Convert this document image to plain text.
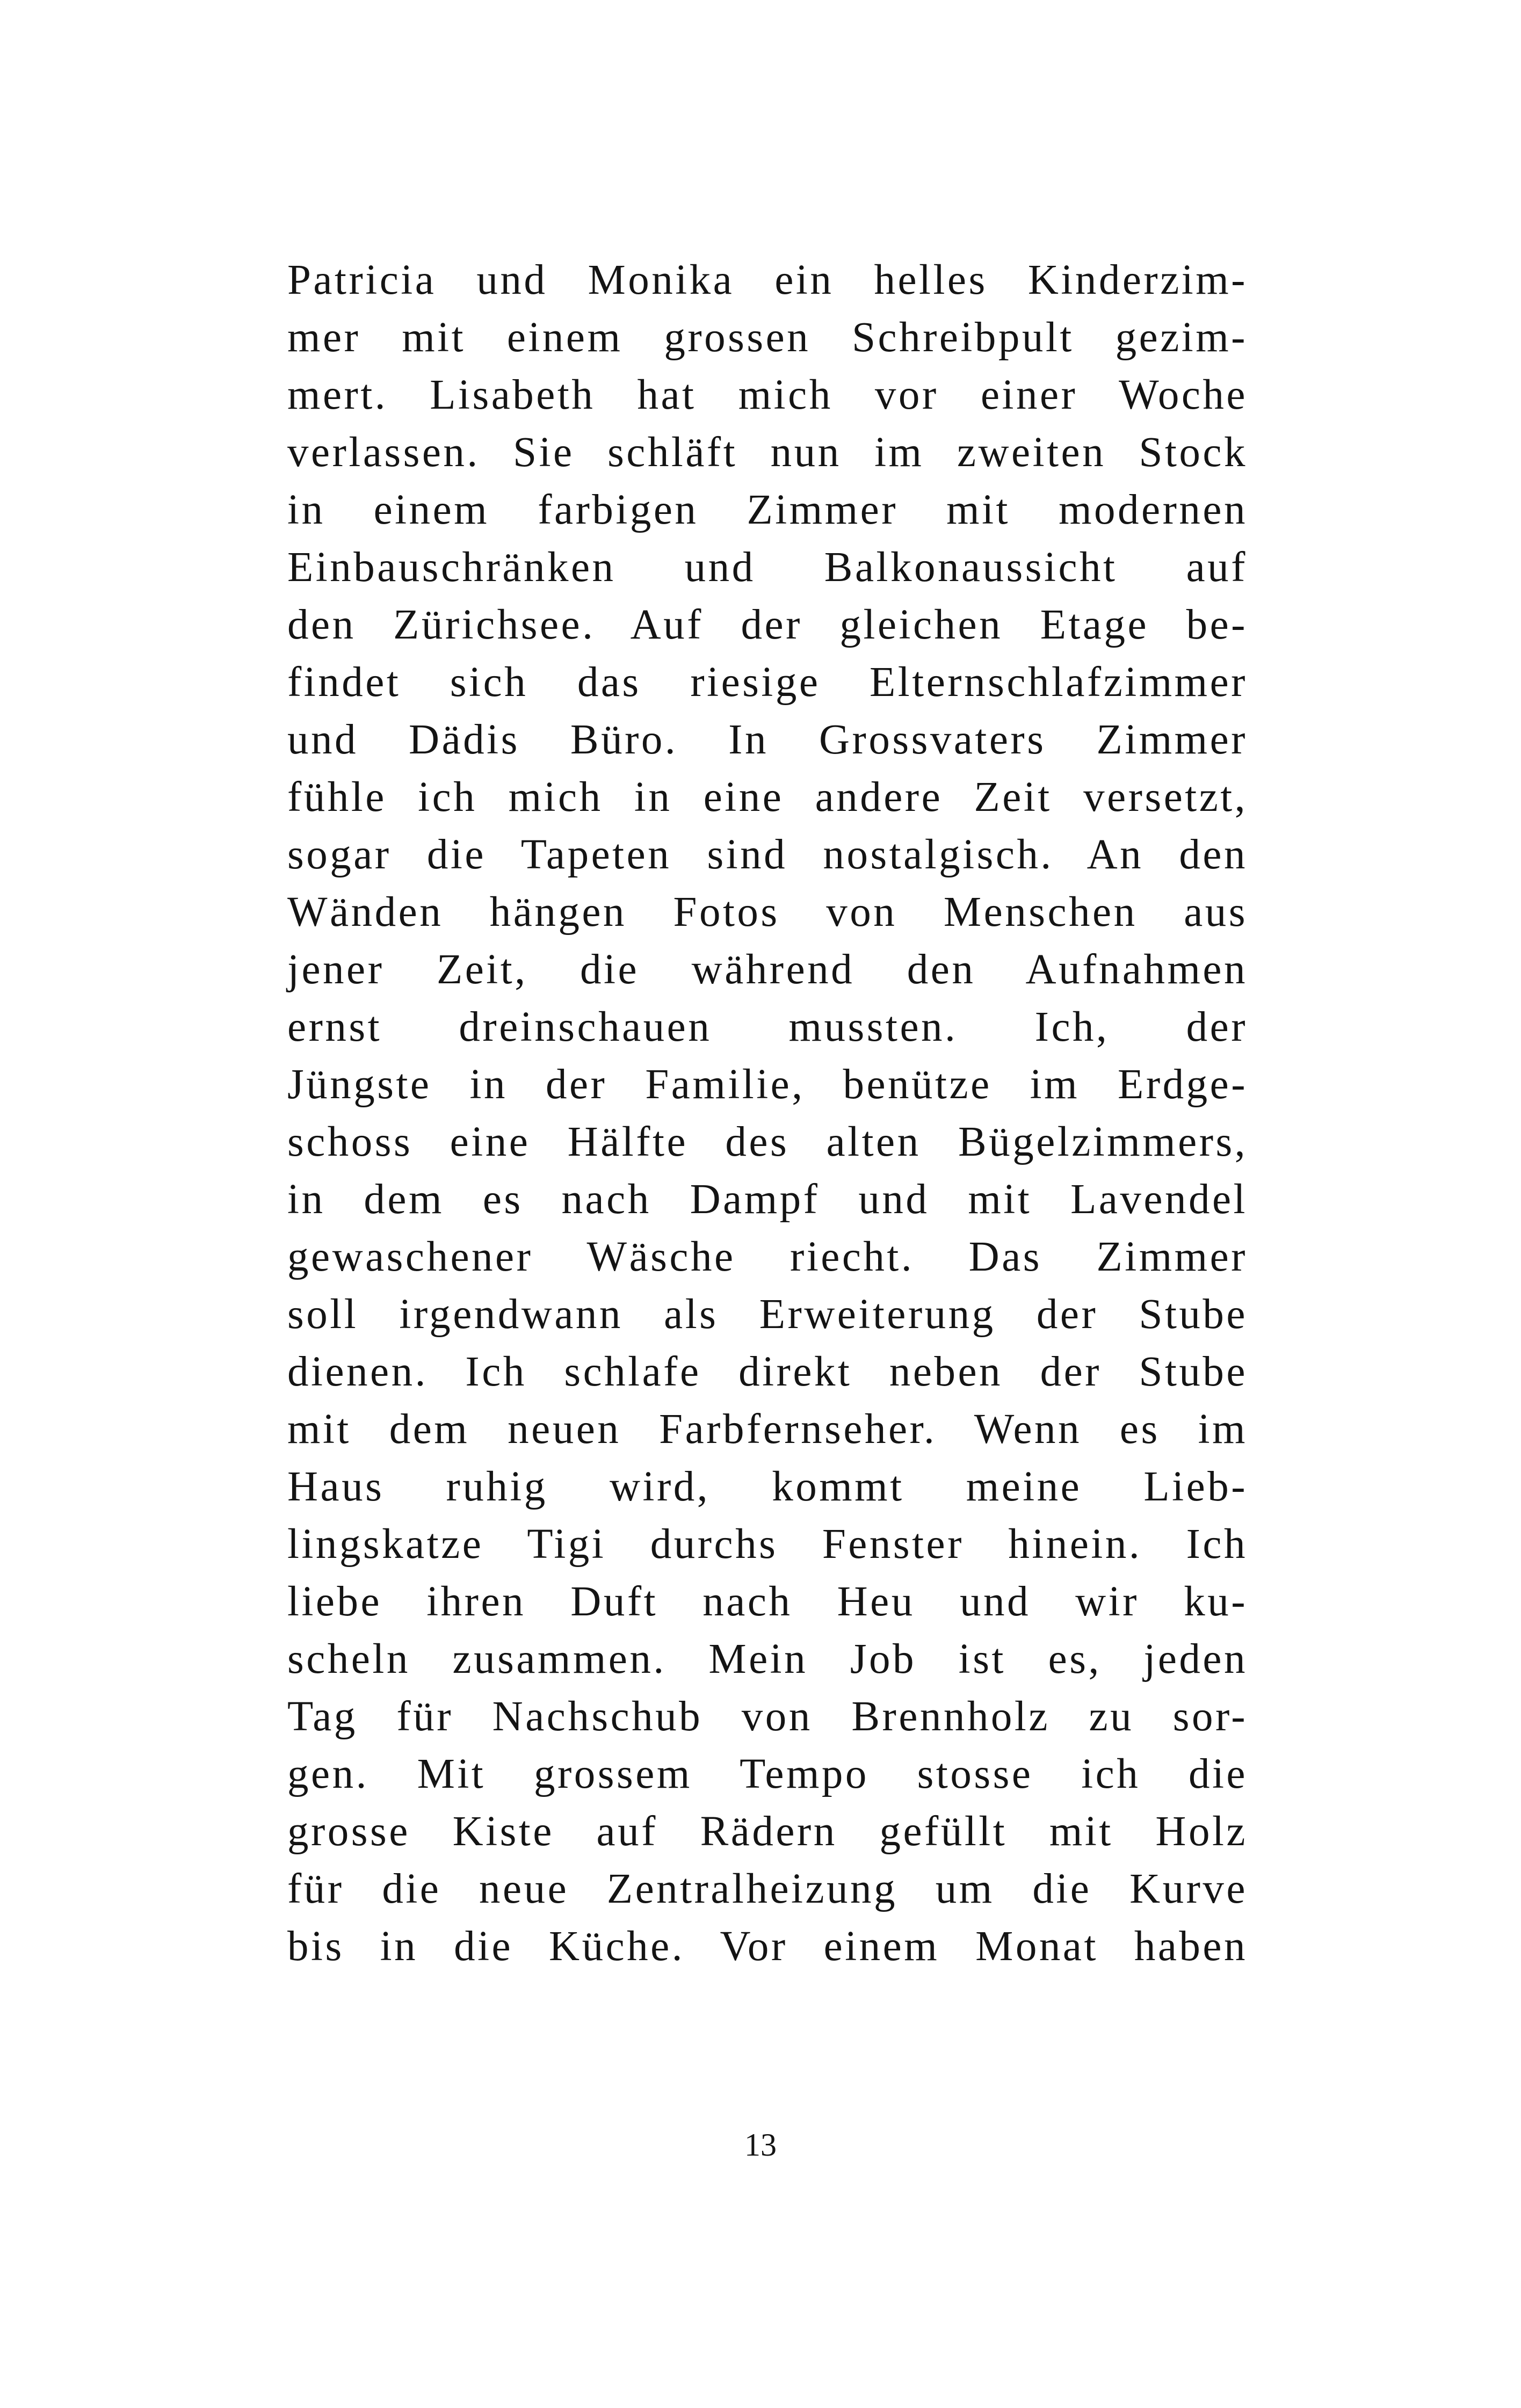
Patricia und Monika ein helles Kinderzim-
mer mit einem grossen Schreibpult gezim-
mert. Lisabeth hat mich vor einer Woche
verlassen. Sie schläft nun im zweiten Stock
in einem farbigen Zimmer mit modernen
Einbauschränken und Balkonaussicht auf
den Zürichsee. Auf der gleichen Etage be-
findet sich das riesige Elternschlafzimmer
und Dädis Büro. In Grossvaters Zimmer
fühle ich mich in eine andere Zeit versetzt,
sogar die Tapeten sind nostalgisch. An den
Wänden hängen Fotos von Menschen aus
jener Zeit, die während den Aufnahmen
ernst dreinschauen mussten. Ich, der
Jüngste in der Familie, benütze im Erdge-
schoss eine Hälfte des alten Bügelzimmers,
in dem es nach Dampf und mit Lavendel
gewaschener Wäsche riecht. Das Zimmer
soll irgendwann als Erweiterung der Stube
dienen. Ich schlafe direkt neben der Stube
mit dem neuen Farbfernseher. Wenn es im
Haus ruhig wird, kommt meine Lieb-
lingskatze Tigi durchs Fenster hinein. Ich
liebe ihren Duft nach Heu und wir ku-
scheln zusammen. Mein Job ist es, jeden
Tag für Nachschub von Brennholz zu sor-
gen. Mit grossem Tempo stosse ich die
grosse Kiste auf Rädern gefüllt mit Holz
für die neue Zentralheizung um die Kurve
bis in die Küche. Vor einem Monat haben
13
